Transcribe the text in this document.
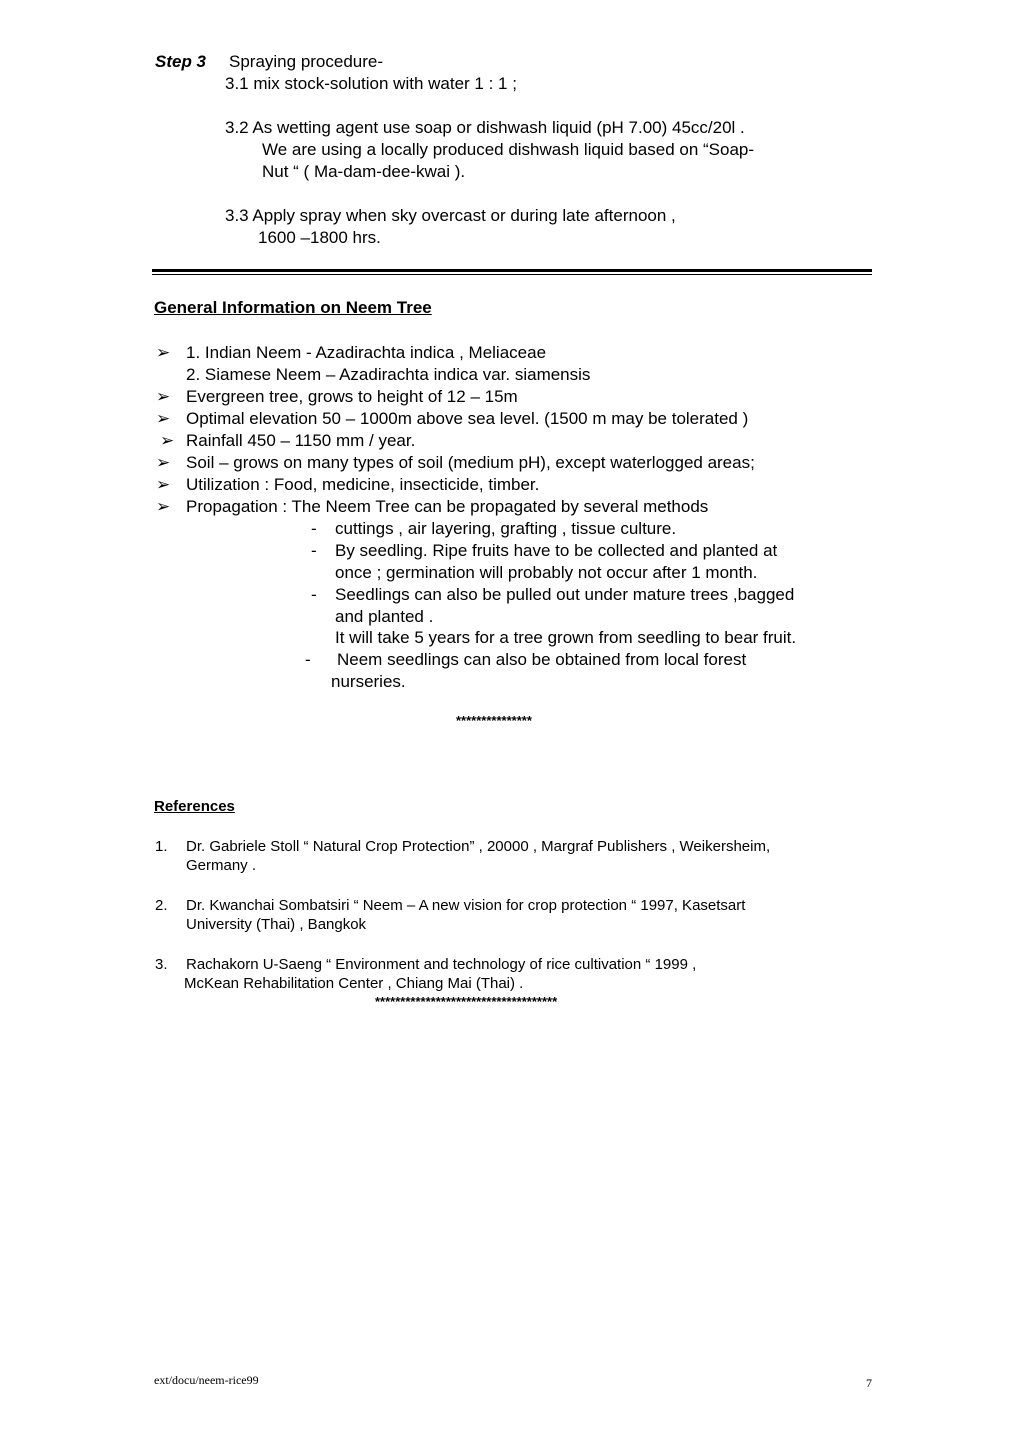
Step 3 Spraying procedure-
3.1 mix stock-solution with water 1 : 1 ;
3.2 As wetting agent use soap or dishwash liquid (pH 7.00) 45cc/20l .
We are using a locally produced dishwash liquid based on “Soap-
Nut “ ( Ma-dam-dee-kwai ).
3.3 Apply spray when sky overcast or during late afternoon ,
1600 –1800 hrs.
General Information on Neem Tree
➢ 1. Indian Neem - Azadirachta indica , Meliaceae
2. Siamese Neem – Azadirachta indica var. siamensis
➢ Evergreen tree, grows to height of 12 – 15m
➢ Optimal elevation 50 – 1000m above sea level. (1500 m may be tolerated )
➢ Rainfall 450 – 1150 mm / year.
➢ Soil – grows on many types of soil (medium pH), except waterlogged areas;
➢ Utilization : Food, medicine, insecticide, timber.
➢ Propagation : The Neem Tree can be propagated by several methods
- cuttings , air layering, grafting , tissue culture.
- By seedling. Ripe fruits have to be collected and planted at
once ; germination will probably not occur after 1 month.
- Seedlings can also be pulled out under mature trees ,bagged
and planted .
It will take 5 years for a tree grown from seedling to bear fruit.
- Neem seedlings can also be obtained from local forest
nurseries.
***************
References
1. Dr. Gabriele Stoll “ Natural Crop Protection” , 20000 , Margraf Publishers , Weikersheim,
Germany .
2. Dr. Kwanchai Sombatsiri “ Neem – A new vision for crop protection “ 1997, Kasetsart
University (Thai) , Bangkok
3. Rachakorn U-Saeng “ Environment and technology of rice cultivation “ 1999 ,
McKean Rehabilitation Center , Chiang Mai (Thai) .
************************************
ext/docu/neem-rice99	7
